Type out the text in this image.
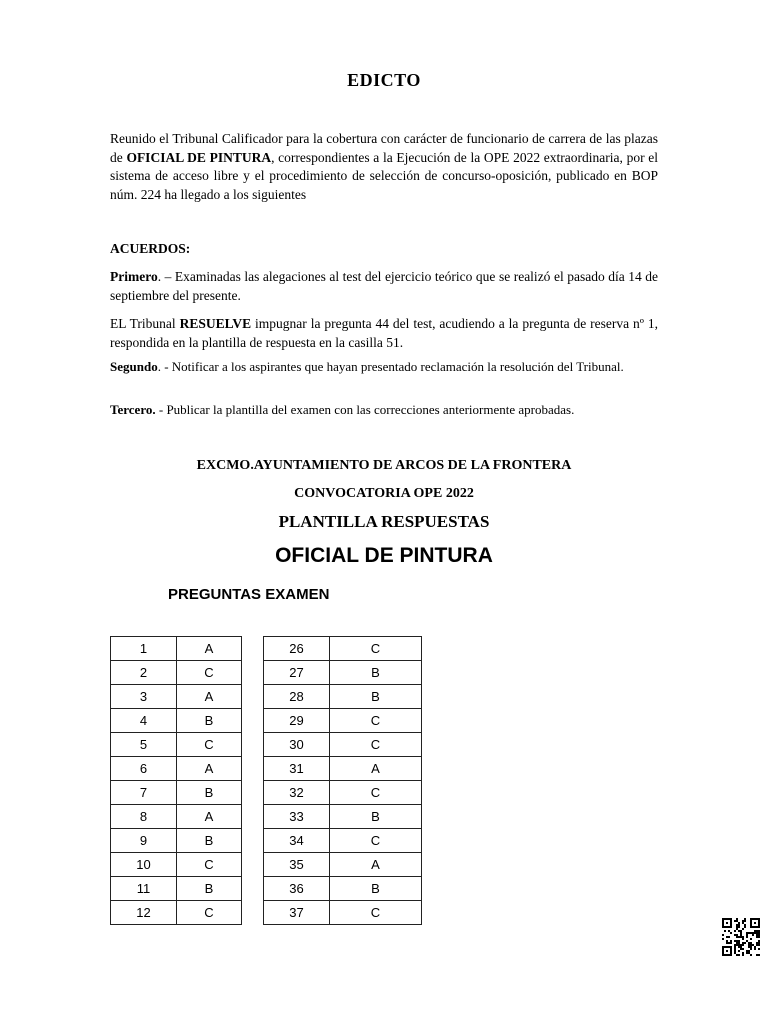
EDICTO
Reunido el Tribunal Calificador para la cobertura con carácter de funcionario de carrera de las plazas de OFICIAL DE PINTURA, correspondientes a la Ejecución de la OPE 2022 extraordinaria, por el sistema de acceso libre y el procedimiento de selección de concurso-oposición, publicado en BOP núm. 224 ha llegado a los siguientes
ACUERDOS:
Primero. – Examinadas las alegaciones al test del ejercicio teórico que se realizó el pasado día 14 de septiembre del presente.
EL Tribunal RESUELVE impugnar la pregunta 44 del test, acudiendo a la pregunta de reserva nº 1, respondida en la plantilla de respuesta en la casilla 51.
Segundo. - Notificar a los aspirantes que hayan presentado reclamación la resolución del Tribunal.
Tercero. - Publicar la plantilla del examen con las correcciones anteriormente aprobadas.
EXCMO.AYUNTAMIENTO DE ARCOS DE LA FRONTERA
CONVOCATORIA OPE 2022
PLANTILLA RESPUESTAS
OFICIAL DE PINTURA
PREGUNTAS EXAMEN
1	A
2	C
3	A
4	B
5	C
6	A
7	B
8	A
9	B
10	C
11	B
12	C
26	C
27	B
28	B
29	C
30	C
31	A
32	C
33	B
34	C
35	A
36	B
37	C
